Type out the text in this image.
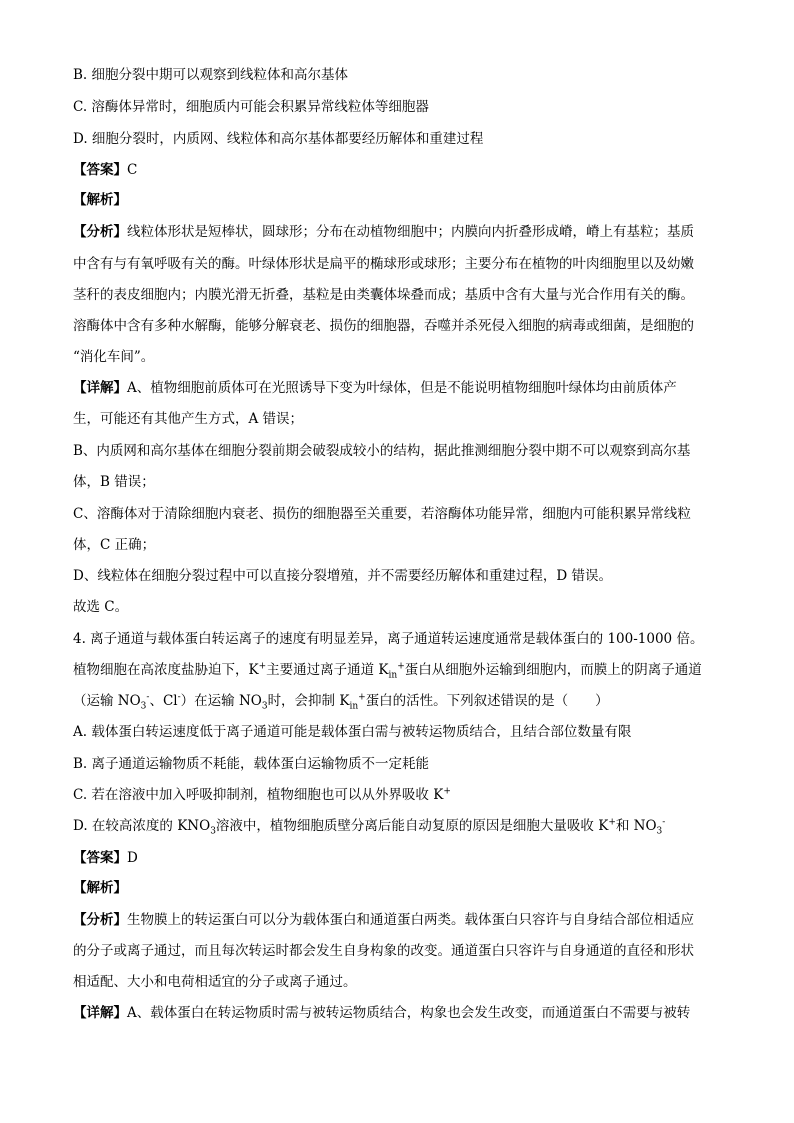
B. 细胞分裂中期可以观察到线粒体和高尔基体
C. 溶酶体异常时，细胞质内可能会积累异常线粒体等细胞器
D. 细胞分裂时，内质网、线粒体和高尔基体都要经历解体和重建过程
【答案】C
【解析】
【分析】线粒体形状是短棒状，圆球形；分布在动植物细胞中；内膜向内折叠形成嵴，嵴上有基粒；基质
中含有与有氧呼吸有关的酶。叶绿体形状是扁平的椭球形或球形；主要分布在植物的叶肉细胞里以及幼嫩
茎秆的表皮细胞内；内膜光滑无折叠，基粒是由类囊体垛叠而成；基质中含有大量与光合作用有关的酶。
溶酶体中含有多种水解酶，能够分解衰老、损伤的细胞器，吞噬并杀死侵入细胞的病毒或细菌，是细胞的
“消化车间”。
【详解】A、植物细胞前质体可在光照诱导下变为叶绿体，但是不能说明植物细胞叶绿体均由前质体产
生，可能还有其他产生方式，A 错误；
B、内质网和高尔基体在细胞分裂前期会破裂成较小的结构，据此推测细胞分裂中期不可以观察到高尔基
体，B 错误；
C、溶酶体对于清除细胞内衰老、损伤的细胞器至关重要，若溶酶体功能异常，细胞内可能积累异常线粒
体，C 正确；
D、线粒体在细胞分裂过程中可以直接分裂增殖，并不需要经历解体和重建过程，D 错误。
故选 C。
4. 离子通道与载体蛋白转运离子的速度有明显差异，离子通道转运速度通常是载体蛋白的 100-1000 倍。
植物细胞在高浓度盐胁迫下，K+主要通过离子通道 $K_{in}^+$蛋白从细胞外运输到细胞内，而膜上的阴离子通道
（运输 $NO_3^-$、Cl-）在运输 $NO_3$时，会抑制 $K_{in}^+$蛋白的活性。下列叙述错误的是（　　）
A. 载体蛋白转运速度低于离子通道可能是载体蛋白需与被转运物质结合，且结合部位数量有限
B. 离子通道运输物质不耗能，载体蛋白运输物质不一定耗能
C. 若在溶液中加入呼吸抑制剂，植物细胞也可以从外界吸收 K+
D. 在较高浓度的 $KNO_3$溶液中，植物细胞质壁分离后能自动复原的原因是细胞大量吸收 K+和 $NO_3^-$
【答案】D
【解析】
【分析】生物膜上的转运蛋白可以分为载体蛋白和通道蛋白两类。载体蛋白只容许与自身结合部位相适应
的分子或离子通过，而且每次转运时都会发生自身构象的改变。通道蛋白只容许与自身通道的直径和形状
相适配、大小和电荷相适宜的分子或离子通过。
【详解】A、载体蛋白在转运物质时需与被转运物质结合，构象也会发生改变，而通道蛋白不需要与被转
